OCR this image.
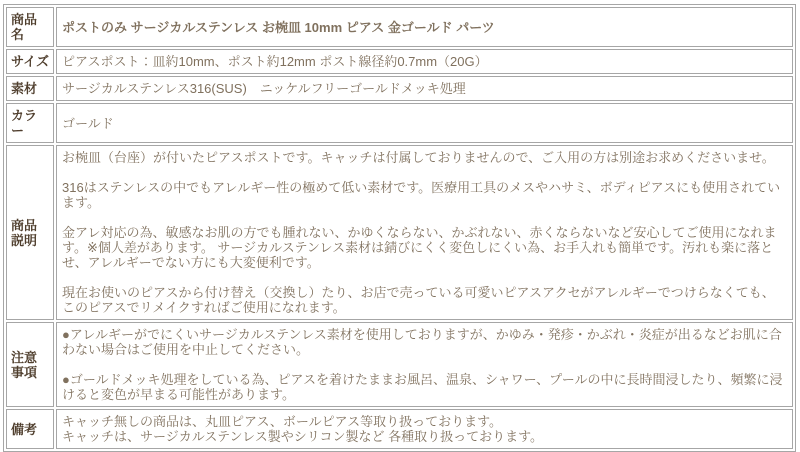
商品名	ポストのみ サージカルステンレス お椀皿 10mm ピアス 金ゴールド パーツ
サイズ	ピアスポスト：皿約10mm、ポスト約12mm ポスト線径約0.7mm（20G）
素材	サージカルステンレス316(SUS)　ニッケルフリーゴールドメッキ処理
カラー	ゴールド
商品説明	お椀皿（台座）が付いたピアスポストです。キャッチは付属しておりませんので、ご入用の方は別途お求めくださいませ。
316はステンレスの中でもアレルギー性の極めて低い素材です。医療用工具のメスやハサミ、ボディピアスにも使用されています。
金アレ対応の為、敏感なお肌の方でも腫れない、かゆくならない、かぶれない、赤くならないなど安心してご使用になれます。※個人差があります。 サージカルステンレス素材は錆びにくく変色しにくい為、お手入れも簡単です。汚れも楽に落とせ、アレルギーでない方にも大変便利です。
現在お使いのピアスから付け替え（交換し）たり、お店で売っている可愛いピアスアクセがアレルギーでつけらなくても、このピアスでリメイクすればご使用になれます。

注意事項	●アレルギーがでにくいサージカルステンレス素材を使用しておりますが、かゆみ・発疹・かぶれ・炎症が出るなどお肌に合わない場合はご使用を中止してください。
●ゴールドメッキ処理をしている為、ピアスを着けたままお風呂、温泉、シャワー、プールの中に長時間浸したり、頻繁に浸けると変色が早まる可能性があります。

備考	キャッチ無しの商品は、丸皿ピアス、ボールピアス等取り扱っております。
キャッチは、サージカルステンレス製やシリコン製など 各種取り扱っております。
